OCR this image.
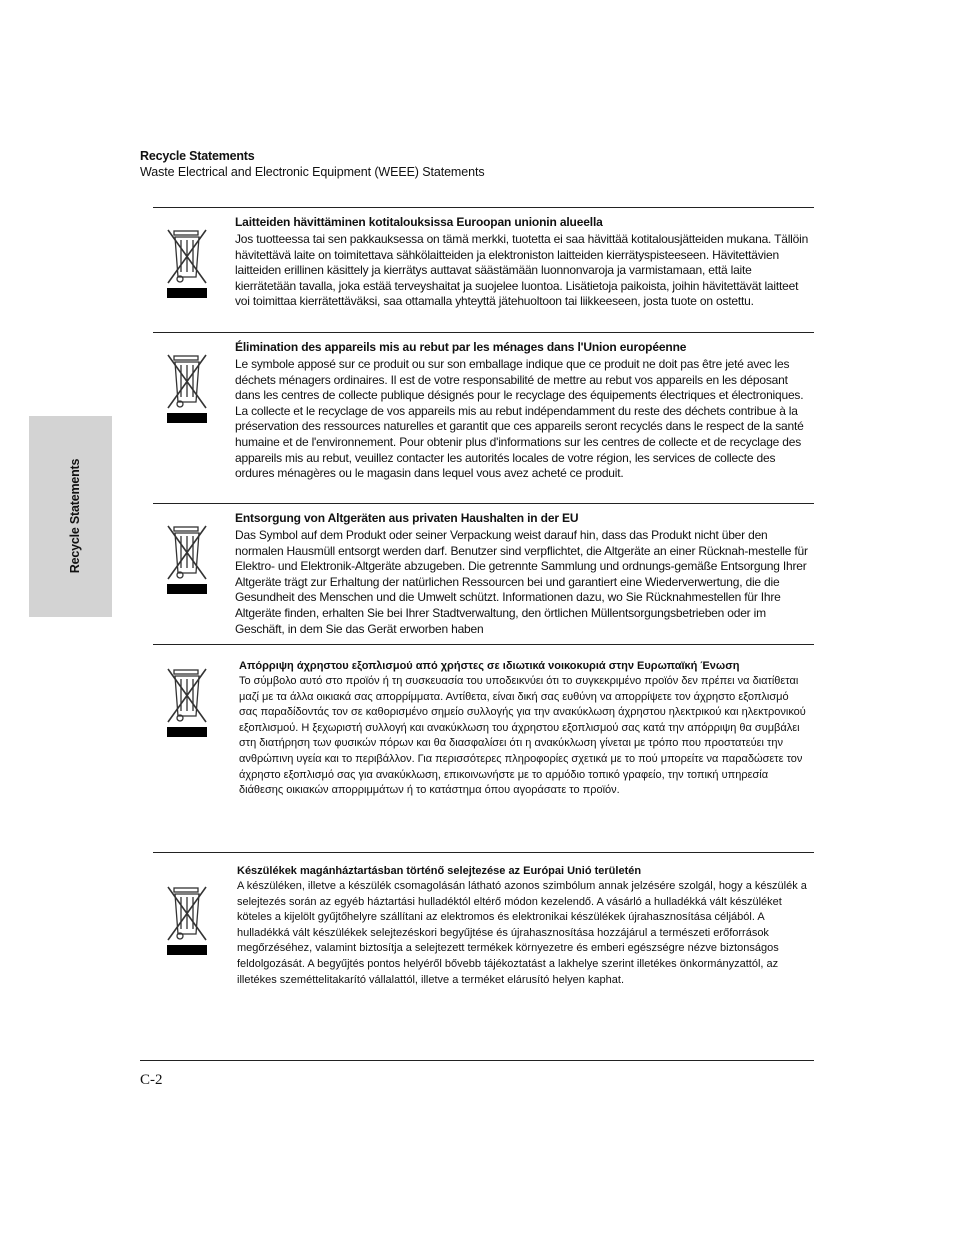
Recycle Statements
Recycle Statements
Waste Electrical and Electronic Equipment (WEEE) Statements
Laitteiden hävittäminen kotitalouksissa Euroopan unionin alueella
Jos tuotteessa tai sen pakkauksessa on tämä merkki, tuotetta ei saa hävittää kotitalousjätteiden mukana. Tällöin hävitettävä laite on toimitettava sähkölaitteiden ja elektroniston laitteiden kierrätyspisteeseen. Hävitettävien laitteiden erillinen käsittely ja kierrätys auttavat säästämään luonnonvaroja ja varmistamaan, että laite kierrätetään tavalla, joka estää terveyshaitat ja suojelee luontoa. Lisätietoja paikoista, joihin hävitettävät laitteet voi toimittaa kierrätettäväksi, saa ottamalla yhteyttä jätehuoltoon tai liikkeeseen, josta tuote on ostettu.
Élimination des appareils mis au rebut par les ménages dans l'Union européenne
Le symbole apposé sur ce produit ou sur son emballage indique que ce produit ne doit pas être jeté avec les déchets ménagers ordinaires. Il est de votre responsabilité de mettre au rebut vos appareils en les déposant dans les centres de collecte publique désignés pour le recyclage des équipements électriques et électroniques. La collecte et le recyclage de vos appareils mis au rebut indépendamment du reste des déchets contribue à la préservation des ressources naturelles et garantit que ces appareils seront recyclés dans le respect de la santé humaine et de l'environnement. Pour obtenir plus d'informations sur les centres de collecte et de recyclage des appareils mis au rebut, veuillez contacter les autorités locales de votre région, les services de collecte des ordures ménagères ou le magasin dans lequel vous avez acheté ce produit.
Entsorgung von Altgeräten aus privaten Haushalten in der EU
Das Symbol auf dem Produkt oder seiner Verpackung weist darauf hin, dass das Produkt nicht über den normalen Hausmüll entsorgt werden darf. Benutzer sind verpflichtet, die Altgeräte an einer Rücknah-mestelle für Elektro- und Elektronik-Altgeräte abzugeben. Die getrennte Sammlung und ordnungs-gemäße Entsorgung Ihrer Altgeräte trägt zur Erhaltung der natürlichen Ressourcen bei und garantiert eine Wiederverwertung, die die Gesundheit des Menschen und die Umwelt schützt. Informationen dazu, wo Sie Rücknahmestellen für Ihre Altgeräte finden, erhalten Sie bei Ihrer Stadtverwaltung, den örtlichen Müllentsorgungsbetrieben oder im Geschäft, in dem Sie das Gerät erworben haben
Απόρριψη άχρηστου εξοπλισμού από χρήστες σε ιδιωτικά νοικοκυριά στην Ευρωπαϊκή Ένωση
Το σύμβολο αυτό στο προϊόν ή τη συσκευασία του υποδεικνύει ότι το συγκεκριμένο προϊόν δεν πρέπει να διατίθεται μαζί με τα άλλα οικιακά σας απορρίμματα. Αντίθετα, είναι δική σας ευθύνη να απορρίψετε τον άχρηστο εξοπλισμό σας παραδίδοντάς τον σε καθορισμένο σημείο συλλογής για την ανακύκλωση άχρηστου ηλεκτρικού και ηλεκτρονικού εξοπλισμού. Η ξεχωριστή συλλογή και ανακύκλωση του άχρηστου εξοπλισμού σας κατά την απόρριψη θα συμβάλει στη διατήρηση των φυσικών πόρων και θα διασφαλίσει ότι η ανακύκλωση γίνεται με τρόπο που προστατεύει την ανθρώπινη υγεία και το περιβάλλον. Για περισσότερες πληροφορίες σχετικά με το πού μπορείτε να παραδώσετε τον άχρηστο εξοπλισμό σας για ανακύκλωση, επικοινωνήστε με το αρμόδιο τοπικό γραφείο, την τοπική υπηρεσία διάθεσης οικιακών απορριμμάτων ή το κατάστημα όπου αγοράσατε το προϊόν.
Készülékek magánháztartásban történő selejtezése az Európai Unió területén
A készüléken, illetve a készülék csomagolásán látható azonos szimbólum annak jelzésére szolgál, hogy a készülék a selejtezés során az egyéb háztartási hulladéktól eltérő módon kezelendő. A vásárló a hulladékká vált készüléket köteles a kijelölt gyűjtőhelyre szállítani az elektromos és elektronikai készülékek újrahasznosítása céljából. A hulladékká vált készülékek selejtezéskori begyűjtése és újrahasznosítása hozzájárul a természeti erőforrások megőrzéséhez, valamint biztosítja a selejtezett termékek környezetre és emberi egészségre nézve biztonságos feldolgozását. A begyűjtés pontos helyéről bővebb tájékoztatást a lakhelye szerint illetékes önkormányzattól, az illetékes szeméttelitakarító vállalattól, illetve a terméket elárusító helyen kaphat.
C-2
